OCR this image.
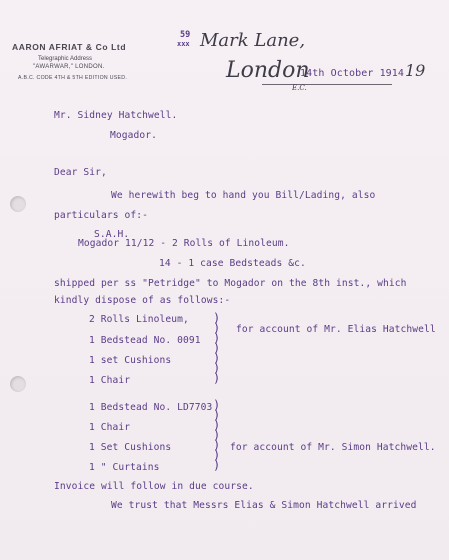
AARON AFRIAT & Co Ltd
Telegraphic Address
"AWARWAR," LONDON.
A.B.C. CODE 4TH & 5TH EDITION USED.
59
xxx Mark Lane,
London
14th October 1914 19
E.C.
Mr. Sidney Hatchwell.
Mogador.
Dear Sir,
We herewith beg to hand you Bill/Lading, also
particulars of:-
S.A.H.
Mogador 11/12 - 2 Rolls of Linoleum.
14 - 1 case Bedsteads &c.
shipped per ss "Petridge" to Mogador on the 8th inst., which
kindly dispose of as follows:-
2 Rolls Linoleum,
1 Bedstead No. 0091
1 set Cushions
1 Chair
)
)
)
)
)
)
)
for account of Mr. Elias Hatchwell
1 Bedstead No. LD7703
1 Chair
1 Set Cushions
1 " Curtains
)
)
)
)
)
)
)
for account of Mr. Simon Hatchwell.
Invoice will follow in due course.
We trust that Messrs Elias & Simon Hatchwell arrived
